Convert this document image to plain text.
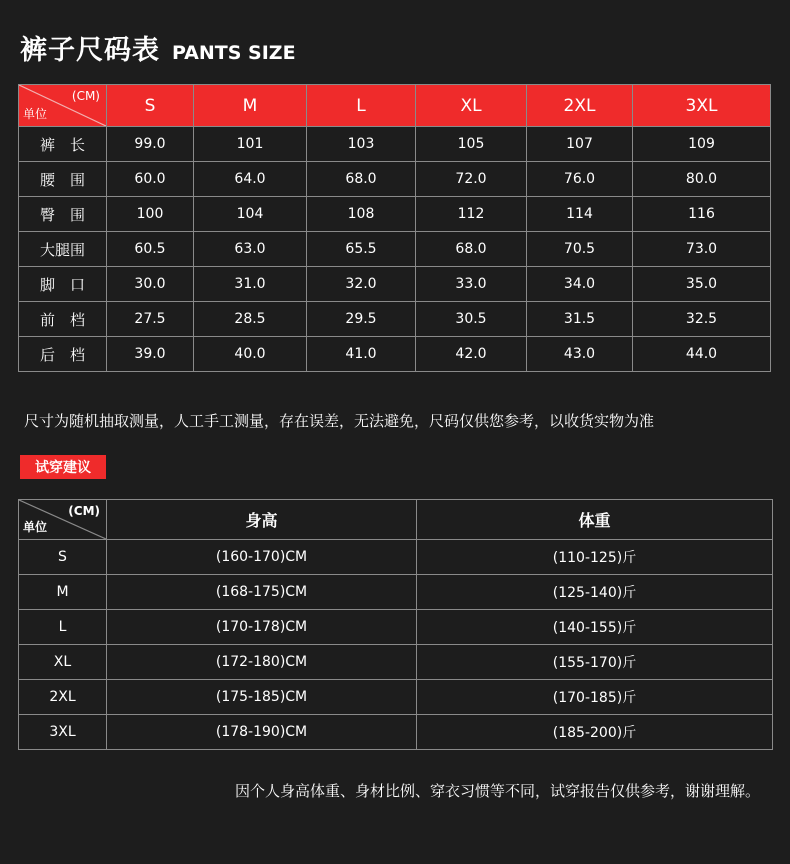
裤子尺码表 PANTS SIZE
(CM)
单位	S	M	L	XL	2XL	3XL
裤　长	99.0	101	103	105	107	109
腰　围	60.0	64.0	68.0	72.0	76.0	80.0
臀　围	100	104	108	112	114	116
大腿围	60.5	63.0	65.5	68.0	70.5	73.0
脚　口	30.0	31.0	32.0	33.0	34.0	35.0
前　档	27.5	28.5	29.5	30.5	31.5	32.5
后　档	39.0	40.0	41.0	42.0	43.0	44.0
尺寸为随机抽取测量，人工手工测量，存在误差，无法避免，尺码仅供您参考，以收货实物为准
试穿建议
(CM)
单位	身高	体重
S	(160-170)CM	(110-125)斤
M	(168-175)CM	(125-140)斤
L	(170-178)CM	(140-155)斤
XL	(172-180)CM	(155-170)斤
2XL	(175-185)CM	(170-185)斤
3XL	(178-190)CM	(185-200)斤
因个人身高体重、身材比例、穿衣习惯等不同，试穿报告仅供参考，谢谢理解。
